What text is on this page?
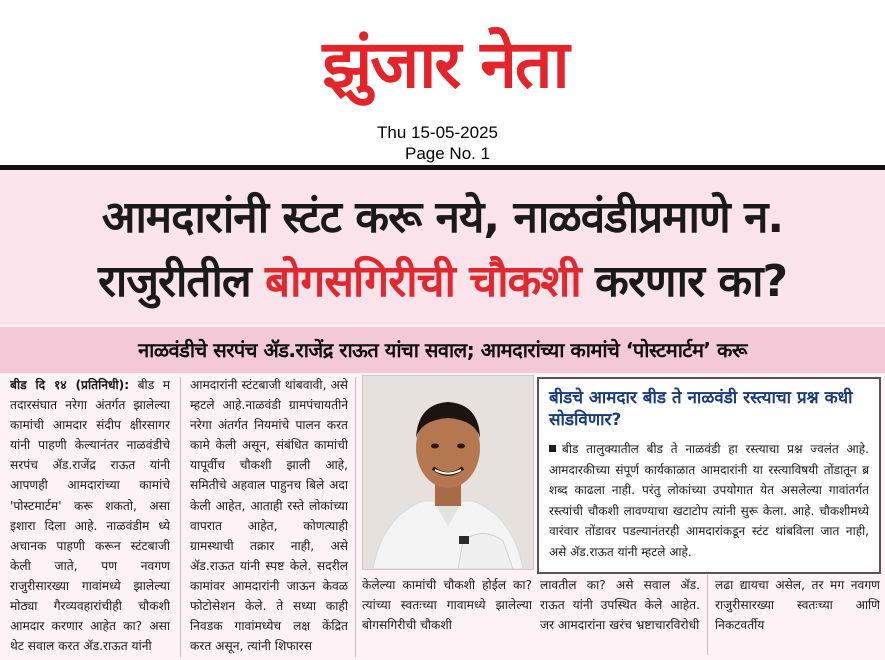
झुंजार नेता
Thu 15-05-2025
Page No. 1
आमदारांनी स्टंट करू नये, नाळवंडीप्रमाणे न.
राजुरीतील बोगसगिरीची चौकशी करणार का?
नाळवंडीचे सरपंच ॲड.राजेंद्र राऊत यांचा सवाल; आमदारांच्या कामांचे ‘पोस्टमार्टम’ करू
बीड दि १४ (प्रतिनिधी): बीड म तदारसंघात नरेगा अंतर्गत झालेल्या कामांची आमदार संदीप क्षीरसागर यांनी पाहणी केल्यानंतर नाळवंडीचे सरपंच ॲड.राजेंद्र राऊत यांनी आपणही आमदारांच्या कामांचे 'पोस्टमार्टम' करू शकतो, असा इशारा दिला आहे. नाळवंडीम ध्ये अचानक पाहणी करून स्टंटबाजी केली जाते, पण नवगण राजुरीसारख्या गावांमध्ये झालेल्या मोठ्या गैरव्यवहारांचीही चौकशी आमदार करणार आहेत का? असा थेट सवाल करत ॲड.राऊत यांनी
आमदारांनी स्टंटबाजी थांबवावी, असे म्हटले आहे.नाळवंडी ग्रामपंचायतीने नरेगा अंतर्गत नियमांचे पालन करत कामे केली असून, संबंधित कामांची यापूर्वीच चौकशी झाली आहे, समितीचे अहवाल पाहुनच बिले अदा केली आहेत, आताही रस्ते लोकांच्या वापरात आहेत, कोणत्याही ग्रामस्थाची तक्रार नाही, असे ॲड.राऊत यांनी स्पष्ट केले. सदरील कामांवर आमदारांनी जाऊन केवळ फोटोसेशन केले. ते सध्या काही निवडक गावांमध्येच लक्ष केंद्रित करत असून, त्यांनी शिफारस
केलेल्या कामांची चौकशी होईल का? त्यांच्या स्वतःच्या गावामध्ये झालेल्या बोगसगिरीची चौकशी
बीडचे आमदार बीड ते नाळवंडी रस्त्याचा प्रश्न कधी सोडविणार?
बीड तालुक्यातील बीड ते नाळवंडी हा रस्त्याचा प्रश्न ज्वलंत आहे. आमदारकीच्या संपूर्ण कार्यकाळात आमदारांनी या रस्त्याविषयी तोंडातून ब्र शब्द काढला नाही. परंतु लोकांच्या उपयोगात येत असलेल्या गावांतर्गत रस्त्यांची चौकशी लावण्याचा खटाटोप त्यांनी सुरू केला. आहे. चौकशीमध्ये वारंवार तोंडावर पडल्यानंतरही आमदारांकडून स्टंट थांबविला जात नाही, असे ॲड.राऊत यांनी म्हटले आहे.
लावतील का? असे सवाल ॲड. राऊत यांनी उपस्थित केले आहेत. जर आमदारांना खरंच भ्रष्टाचारविरोधी
लढा द्यायचा असेल, तर मग नवगण राजुरीसारख्या स्वतःच्या आणि निकटवर्तीय
